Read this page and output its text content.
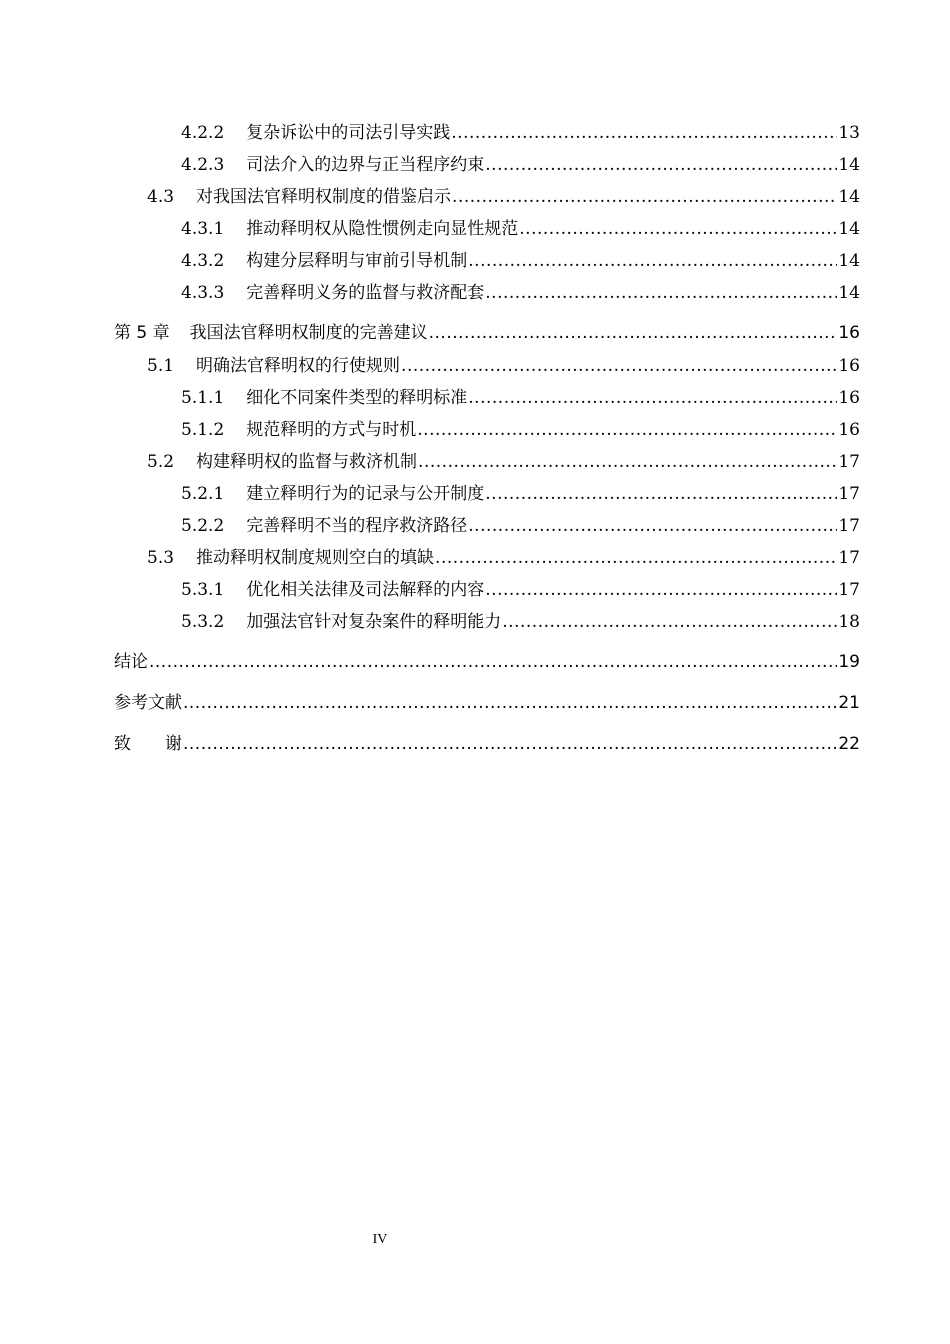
4.2.2 复杂诉讼中的司法引导实践 .....	13
4.2.3 司法介入的边界与正当程序约束 .....	14
4.3 对我国法官释明权制度的借鉴启示 .....	14
4.3.1 推动释明权从隐性惯例走向显性规范 .....	14
4.3.2 构建分层释明与审前引导机制 .....	14
4.3.3 完善释明义务的监督与救济配套 .....	14
第 5 章 我国法官释明权制度的完善建议 .....	16
5.1 明确法官释明权的行使规则 .....	16
5.1.1 细化不同案件类型的释明标准 .....	16
5.1.2 规范释明的方式与时机 .....	16
5.2 构建释明权的监督与救济机制 .....	17
5.2.1 建立释明行为的记录与公开制度 .....	17
5.2.2 完善释明不当的程序救济路径 .....	17
5.3 推动释明权制度规则空白的填缺 .....	17
5.3.1 优化相关法律及司法解释的内容 .....	17
5.3.2 加强法官针对复杂案件的释明能力 .....	18
结论 .....	19
参考文献 .....	21
致　　谢 .....	22
IV
